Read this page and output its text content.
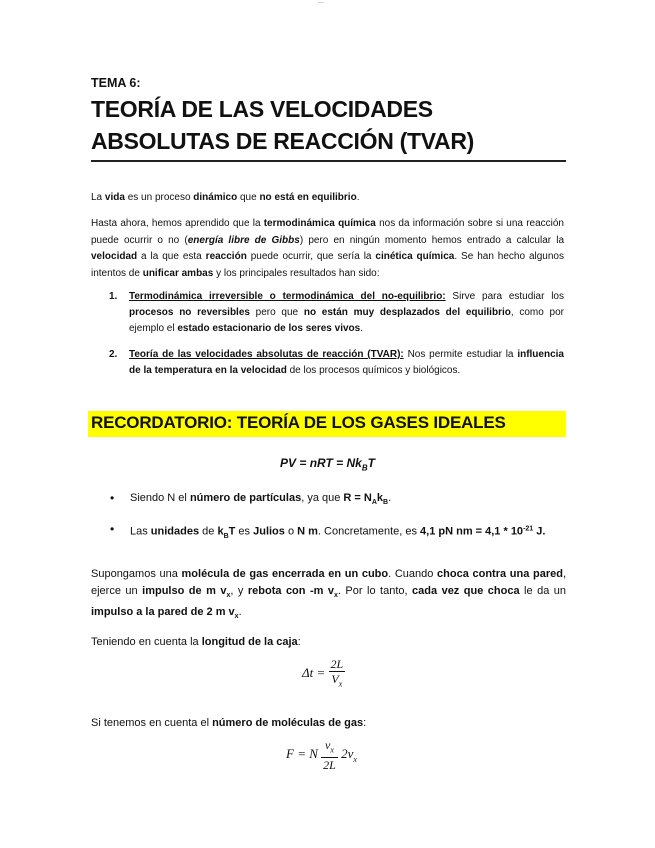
---
TEMA 6:
TEORÍA DE LAS VELOCIDADES ABSOLUTAS DE REACCIÓN (TVAR)
La vida es un proceso dinámico que no está en equilibrio.
Hasta ahora, hemos aprendido que la termodinámica química nos da información sobre si una reacción puede ocurrir o no (energía libre de Gibbs) pero en ningún momento hemos entrado a calcular la velocidad a la que esta reacción puede ocurrir, que sería la cinética química. Se han hecho algunos intentos de unificar ambas y los principales resultados han sido:
1. Termodinámica irreversible o termodinámica del no-equilibrio: Sirve para estudiar los procesos no reversibles pero que no están muy desplazados del equilibrio, como por ejemplo el estado estacionario de los seres vivos.
2. Teoría de las velocidades absolutas de reacción (TVAR): Nos permite estudiar la influencia de la temperatura en la velocidad de los procesos químicos y biológicos.
RECORDATORIO: TEORÍA DE LOS GASES IDEALES
PV = nRT = $Nk_BT$
• Siendo N el número de partículas, ya que $R = N_Ak_B$.
• Las unidades de $k_BT$ es Julios o N m. Concretamente, es 4,1 pN nm = $4,1 * 10^{-21}$ J.
Supongamos una molécula de gas encerrada en un cubo. Cuando choca contra una pared, ejerce un impulso de m $v_x$, y rebota con -m $v_x$. Por lo tanto, cada vez que choca le da un impulso a la pared de 2 m $v_x$.
Teniendo en cuenta la longitud de la caja:
$\Delta t = \frac{2L}{V_x}$
Si tenemos en cuenta el número de moléculas de gas:
F = N $\frac{v_x}{2L} 2v_x$
